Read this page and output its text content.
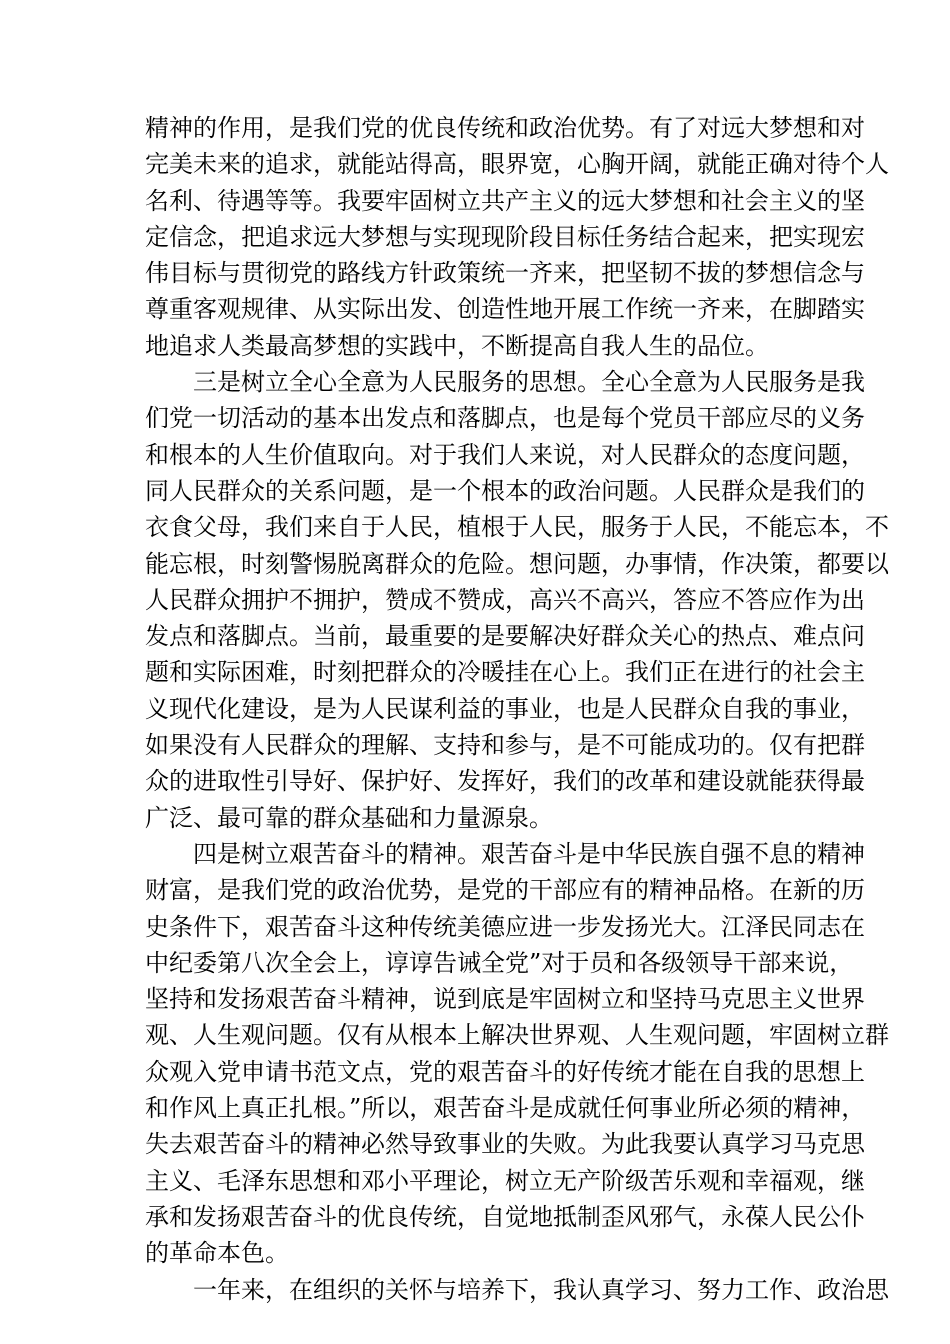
精神的作用，是我们党的优良传统和政治优势。有了对远大梦想和对
完美未来的追求，就能站得高，眼界宽，心胸开阔，就能正确对待个人
名利、待遇等等。我要牢固树立共产主义的远大梦想和社会主义的坚
定信念，把追求远大梦想与实现现阶段目标任务结合起来，把实现宏
伟目标与贯彻党的路线方针政策统一齐来，把坚韧不拔的梦想信念与
尊重客观规律、从实际出发、创造性地开展工作统一齐来，在脚踏实
地追求人类最高梦想的实践中，不断提高自我人生的品位。
三是树立全心全意为人民服务的思想。全心全意为人民服务是我
们党一切活动的基本出发点和落脚点，也是每个党员干部应尽的义务
和根本的人生价值取向。对于我们人来说，对人民群众的态度问题，
同人民群众的关系问题，是一个根本的政治问题。人民群众是我们的
衣食父母，我们来自于人民，植根于人民，服务于人民，不能忘本，不
能忘根，时刻警惕脱离群众的危险。想问题，办事情，作决策，都要以
人民群众拥护不拥护，赞成不赞成，高兴不高兴，答应不答应作为出
发点和落脚点。当前，最重要的是要解决好群众关心的热点、难点问
题和实际困难，时刻把群众的冷暖挂在心上。我们正在进行的社会主
义现代化建设，是为人民谋利益的事业，也是人民群众自我的事业，
如果没有人民群众的理解、支持和参与，是不可能成功的。仅有把群
众的进取性引导好、保护好、发挥好，我们的改革和建设就能获得最
广泛、最可靠的群众基础和力量源泉。
四是树立艰苦奋斗的精神。艰苦奋斗是中华民族自强不息的精神
财富，是我们党的政治优势，是党的干部应有的精神品格。在新的历
史条件下，艰苦奋斗这种传统美德应进一步发扬光大。江泽民同志在
中纪委第八次全会上，谆谆告诫全党”对于员和各级领导干部来说，
坚持和发扬艰苦奋斗精神，说到底是牢固树立和坚持马克思主义世界
观、人生观问题。仅有从根本上解决世界观、人生观问题，牢固树立群
众观入党申请书范文点，党的艰苦奋斗的好传统才能在自我的思想上
和作风上真正扎根。”所以，艰苦奋斗是成就任何事业所必须的精神，
失去艰苦奋斗的精神必然导致事业的失败。为此我要认真学习马克思
主义、毛泽东思想和邓小平理论，树立无产阶级苦乐观和幸福观，继
承和发扬艰苦奋斗的优良传统，自觉地抵制歪风邪气，永葆人民公仆
的革命本色。
一年来，在组织的关怀与培养下，我认真学习、努力工作、政治思
